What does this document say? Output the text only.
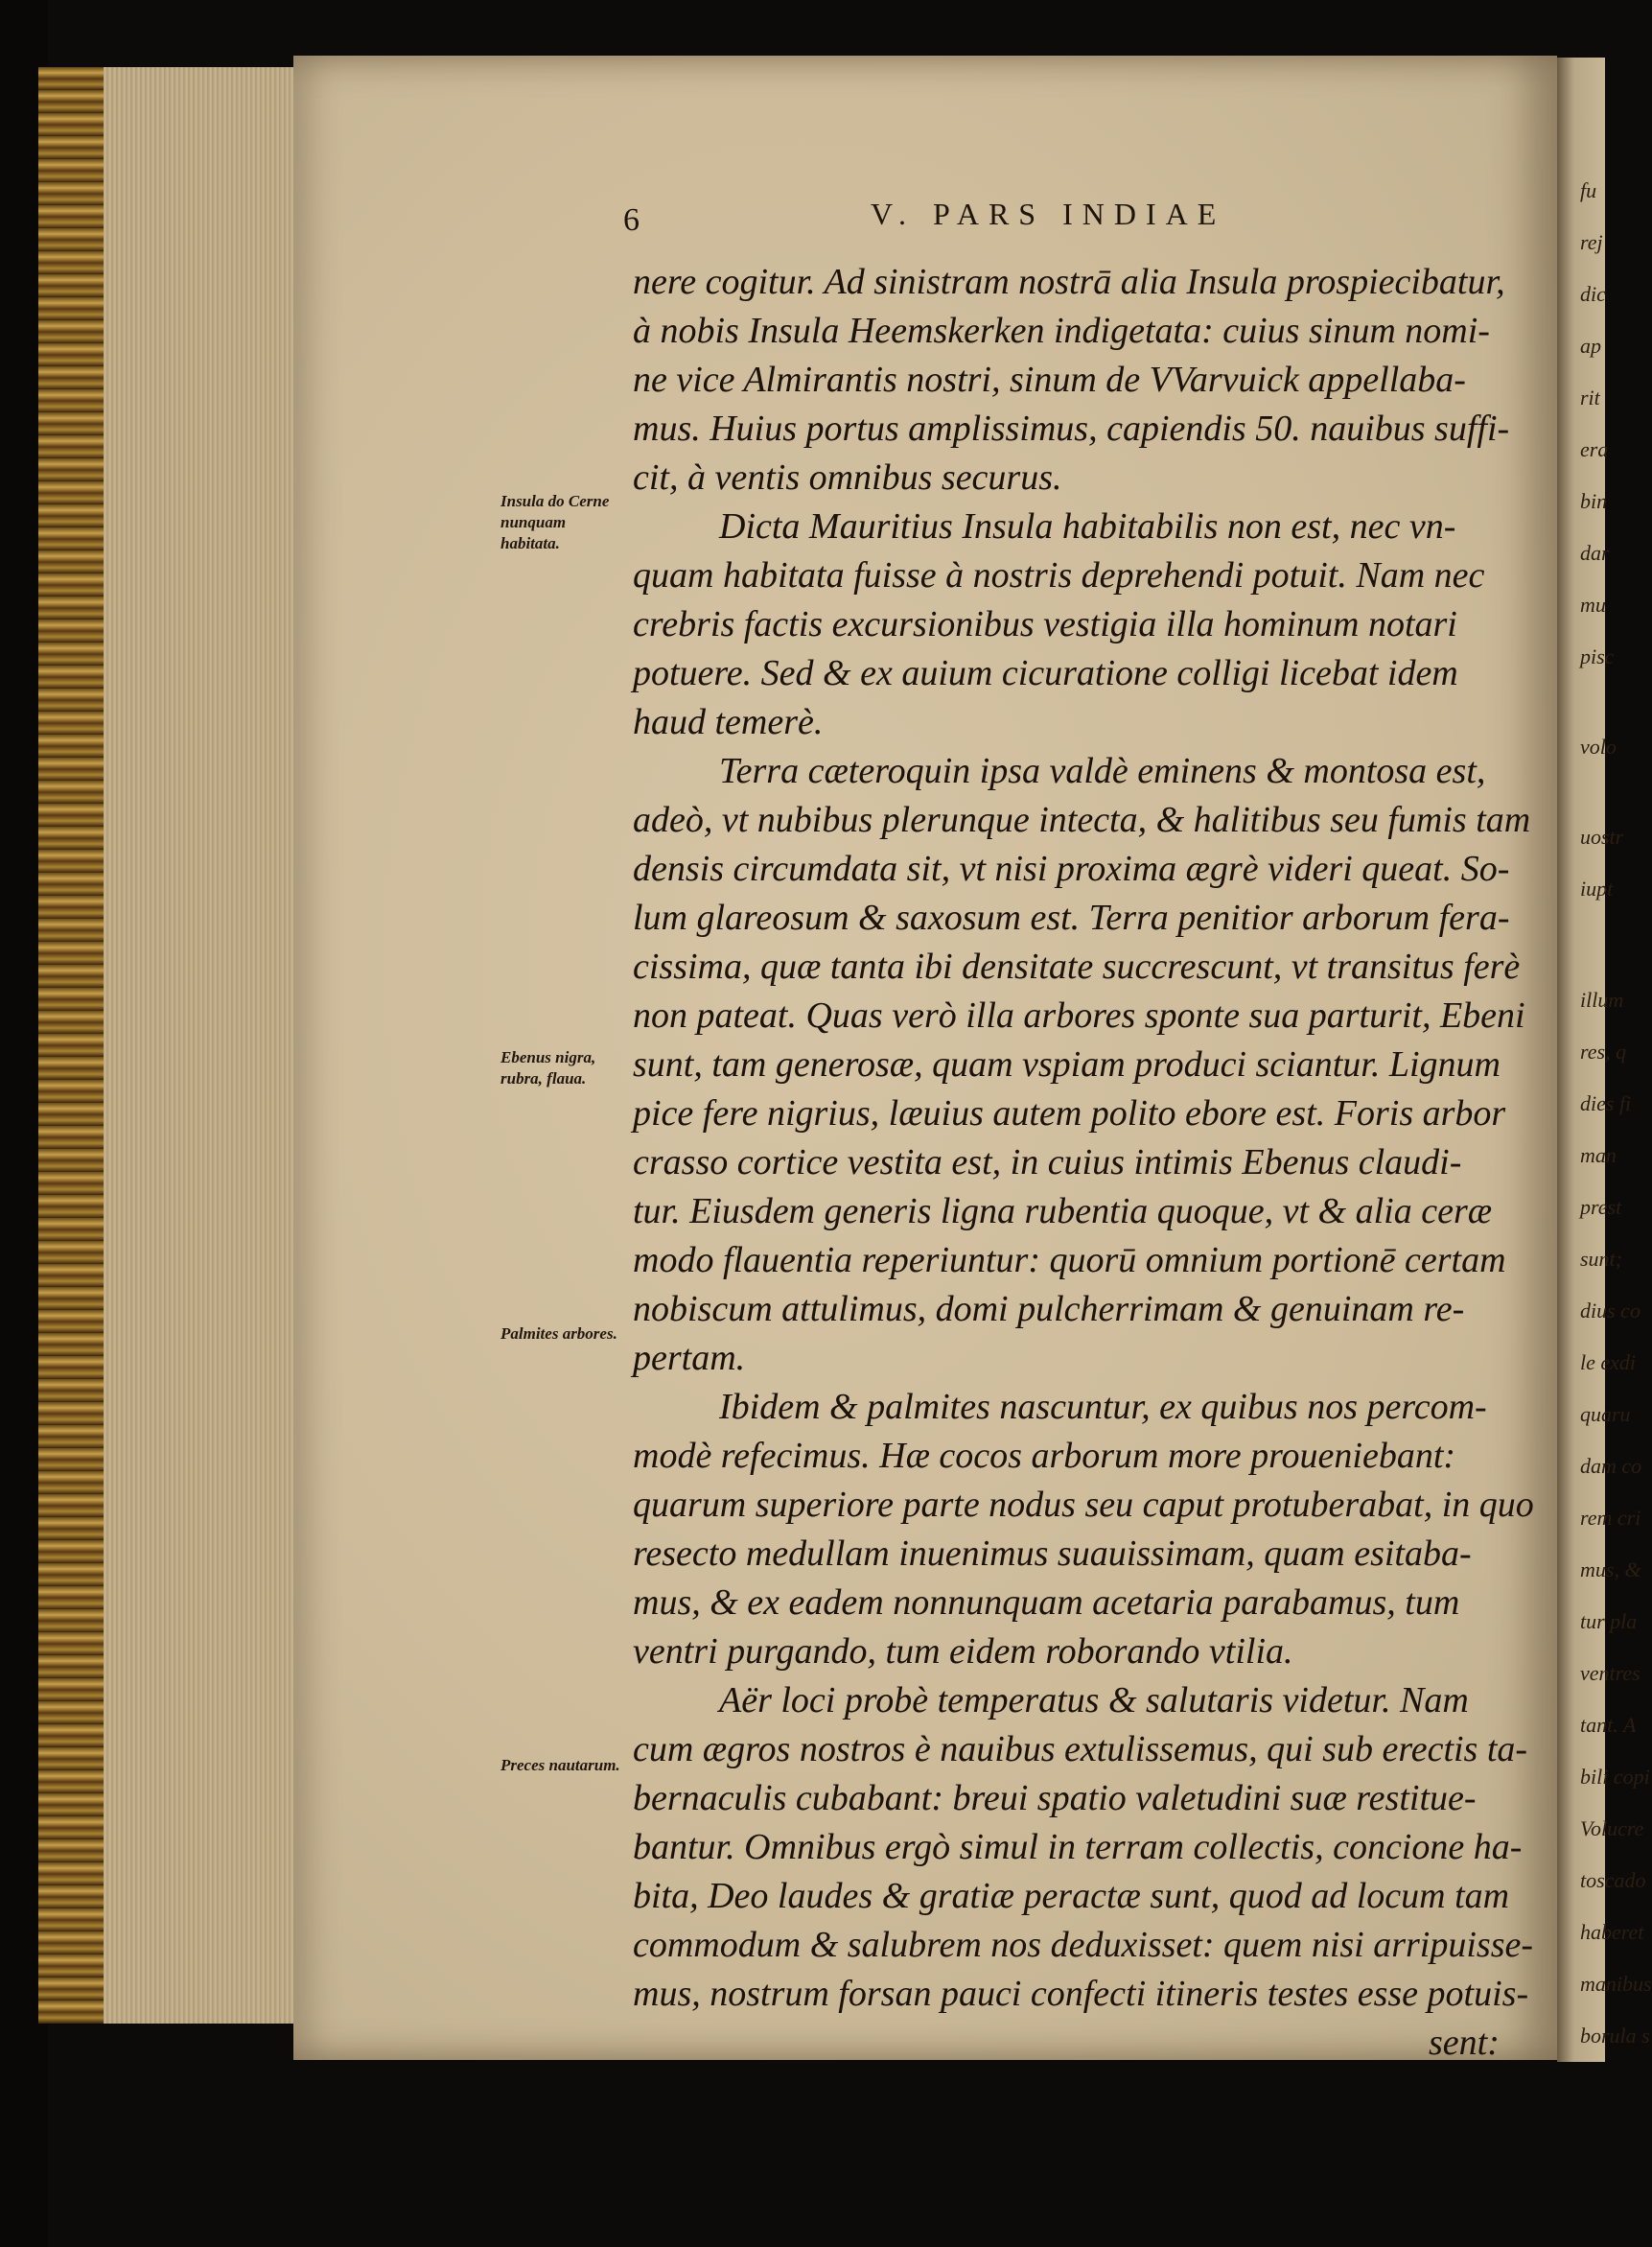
fu
rej
dic
ap
rit
era
bin
dar
mu
pisc
volo
uostr
iupt
illum
res, q
dies fi
man
prest
sunt;
dius co
le exdi
quaru
dam co
rem cri
mus, &
tur pla
ventres
tant. A
bili copi
Volucre
toscado
haberet
manibus
borula s
6	V. PARS INDIAE
Insula do Cerne nunquam habitata.
Ebenus nigra, rubra, flaua.
Palmites arbores.
Preces nautarum.
nere cogitur. Ad sinistram nostrā alia Insula prospiecibatur,
à nobis Insula Heemskerken indigetata: cuius sinum nomi-
ne vice Almirantis nostri, sinum de VVarvuick appellaba-
mus. Huius portus amplissimus, capiendis 50. nauibus suffi-
cit, à ventis omnibus securus.
Dicta Mauritius Insula habitabilis non est, nec vn-
quam habitata fuisse à nostris deprehendi potuit. Nam nec
crebris factis excursionibus vestigia illa hominum notari
potuere. Sed & ex auium cicuratione colligi licebat idem
haud temerè.
Terra cæteroquin ipsa valdè eminens & montosa est,
adeò, vt nubibus plerunque intecta, & halitibus seu fumis tam
densis circumdata sit, vt nisi proxima ægrè videri queat. So-
lum glareosum & saxosum est. Terra penitior arborum fera-
cissima, quæ tanta ibi densitate succrescunt, vt transitus ferè
non pateat. Quas verò illa arbores sponte sua parturit, Ebeni
sunt, tam generosæ, quam vspiam produci sciantur. Lignum
pice fere nigrius, læuius autem polito ebore est. Foris arbor
crasso cortice vestita est, in cuius intimis Ebenus claudi-
tur. Eiusdem generis ligna rubentia quoque, vt & alia ceræ
modo flauentia reperiuntur: quorū omnium portionē certam
nobiscum attulimus, domi pulcherrimam & genuinam re-
pertam.
Ibidem & palmites nascuntur, ex quibus nos percom-
modè refecimus. Hæ cocos arborum more proueniebant:
quarum superiore parte nodus seu caput protuberabat, in quo
resecto medullam inuenimus suauissimam, quam esitaba-
mus, & ex eadem nonnunquam acetaria parabamus, tum
ventri purgando, tum eidem roborando vtilia.
Aër loci probè temperatus & salutaris videtur. Nam
cum ægros nostros è nauibus extulissemus, qui sub erectis ta-
bernaculis cubabant: breui spatio valetudini suæ restitue-
bantur. Omnibus ergò simul in terram collectis, concione ha-
bita, Deo laudes & gratiæ peractæ sunt, quod ad locum tam
commodum & salubrem nos deduxisset: quem nisi arripuisse-
mus, nostrum forsan pauci confecti itineris testes esse potuis-
sent:
